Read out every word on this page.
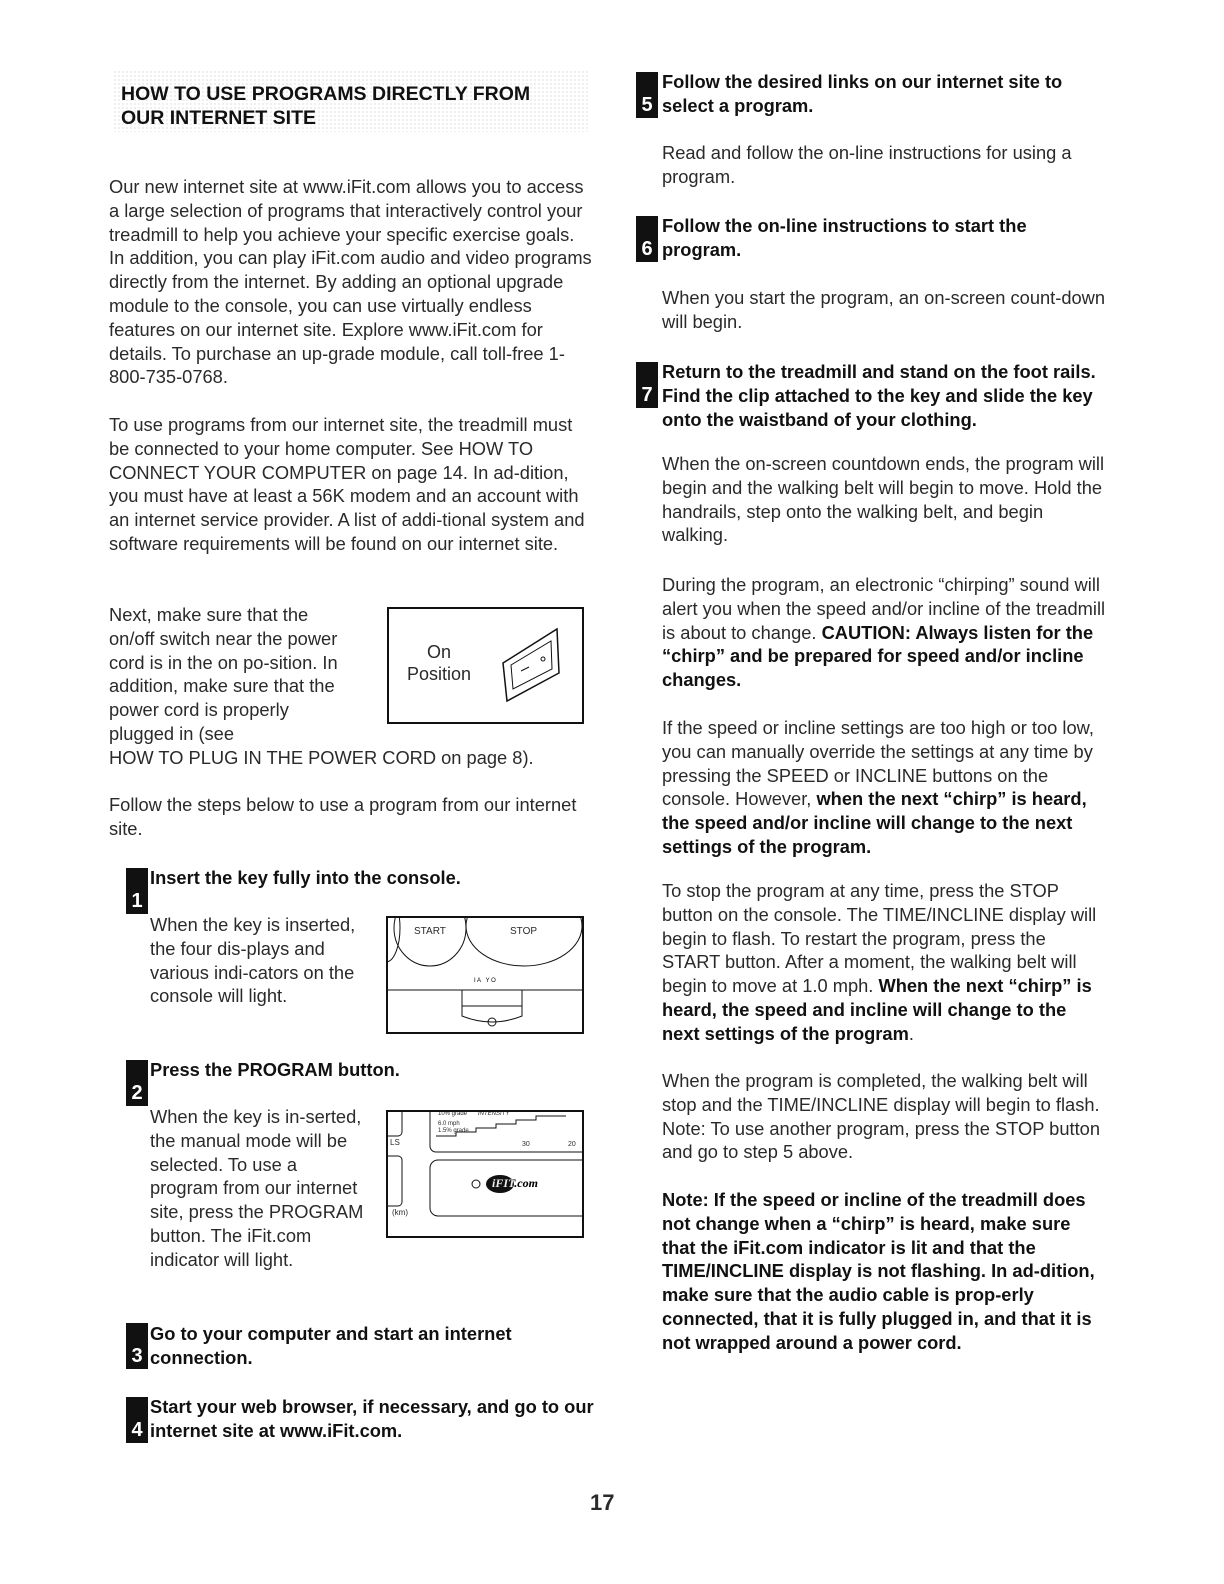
HOW TO USE PROGRAMS DIRECTLY FROM
OUR INTERNET SITE
Our new internet site at www.iFit.com allows you to access a large selection of programs that interactively control your treadmill to help you achieve your specific exercise goals. In addition, you can play iFit.com audio and video programs directly from the internet. By adding an optional upgrade module to the console, you can use virtually endless features on our internet site. Explore www.iFit.com for details. To purchase an up-grade module, call toll-free 1-800-735-0768.
To use programs from our internet site, the treadmill must be connected to your home computer. See HOW TO CONNECT YOUR COMPUTER on page 14. In ad-dition, you must have at least a 56K modem and an account with an internet service provider. A list of addi-tional system and software requirements will be found on our internet site.
Next, make sure that the on/off switch near the power cord is in the on po-sition. In addition, make sure that the power cord is properly plugged in (see
HOW TO PLUG IN THE POWER CORD on page 8).
On
Position
Follow the steps below to use a program from our internet site.
1
Insert the key fully into the console.
When the key is inserted, the four dis-plays and various indi-cators on the console will light.
I A   Y O
START	STOP
2
Press the PROGRAM button.
When the key is in-serted, the manual mode will be selected. To use a program from our internet site, press the PROGRAM button. The iFit.com indicator will light.
10% grade INTENSITY
6.0 mph
1.5% grade
30	20
LS
(km)
iFIT.com
3
Go to your computer and start an internet connection.
4
Start your web browser, if necessary, and go to our internet site at www.iFit.com.
5
Follow the desired links on our internet site to select a program.
Read and follow the on-line instructions for using a program.
6
Follow the on-line instructions to start the program.
When you start the program, an on-screen count-down will begin.
7
Return to the treadmill and stand on the foot rails. Find the clip attached to the key and slide the key onto the waistband of your clothing.
When the on-screen countdown ends, the program will begin and the walking belt will begin to move. Hold the handrails, step onto the walking belt, and begin walking.
During the program, an electronic “chirping” sound will alert you when the speed and/or incline of the treadmill is about to change. CAUTION: Always listen for the “chirp” and be prepared for speed and/or incline changes.
If the speed or incline settings are too high or too low, you can manually override the settings at any time by pressing the SPEED or INCLINE buttons on the console. However, when the next “chirp” is heard, the speed and/or incline will change to the next settings of the program.
To stop the program at any time, press the STOP button on the console. The TIME/INCLINE display will begin to flash. To restart the program, press the START button. After a moment, the walking belt will begin to move at 1.0 mph. When the next “chirp” is heard, the speed and incline will change to the next settings of the program.
When the program is completed, the walking belt will stop and the TIME/INCLINE display will begin to flash. Note: To use another program, press the STOP button and go to step 5 above.
Note: If the speed or incline of the treadmill does not change when a “chirp” is heard, make sure that the iFit.com indicator is lit and that the TIME/INCLINE display is not flashing. In ad-dition, make sure that the audio cable is prop-erly connected, that it is fully plugged in, and that it is not wrapped around a power cord.
17
